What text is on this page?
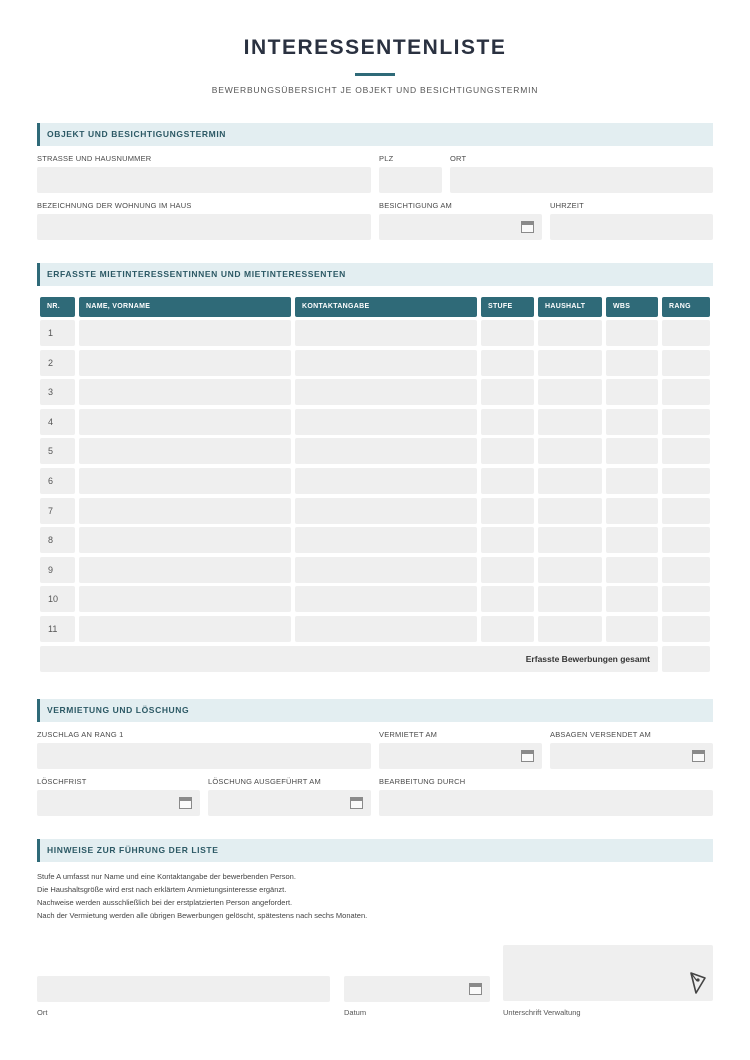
INTERESSENTENLISTE
BEWERBUNGSÜBERSICHT JE OBJEKT UND BESICHTIGUNGSTERMIN
OBJEKT UND BESICHTIGUNGSTERMIN
STRASSE UND HAUSNUMMER	PLZ	ORT
BEZEICHNUNG DER WOHNUNG IM HAUS	BESICHTIGUNG AM	UHRZEIT
ERFASSTE MIETINTERESSENTINNEN UND MIETINTERESSENTEN
NR.	NAME, VORNAME	KONTAKTANGABE	STUFE	HAUSHALT	WBS	RANG
1
2
3
4
5
6
7
8
9
10
11
Erfasste Bewerbungen gesamt
VERMIETUNG UND LÖSCHUNG
ZUSCHLAG AN RANG 1	VERMIETET AM	ABSAGEN VERSENDET AM
LÖSCHFRIST	LÖSCHUNG AUSGEFÜHRT AM	BEARBEITUNG DURCH
HINWEISE ZUR FÜHRUNG DER LISTE
Stufe A umfasst nur Name und eine Kontaktangabe der bewerbenden Person.
Die Haushaltsgröße wird erst nach erklärtem Anmietungsinteresse ergänzt.
Nachweise werden ausschließlich bei der erstplatzierten Person angefordert.
Nach der Vermietung werden alle übrigen Bewerbungen gelöscht, spätestens nach sechs Monaten.
Ort	Datum	Unterschrift Verwaltung
